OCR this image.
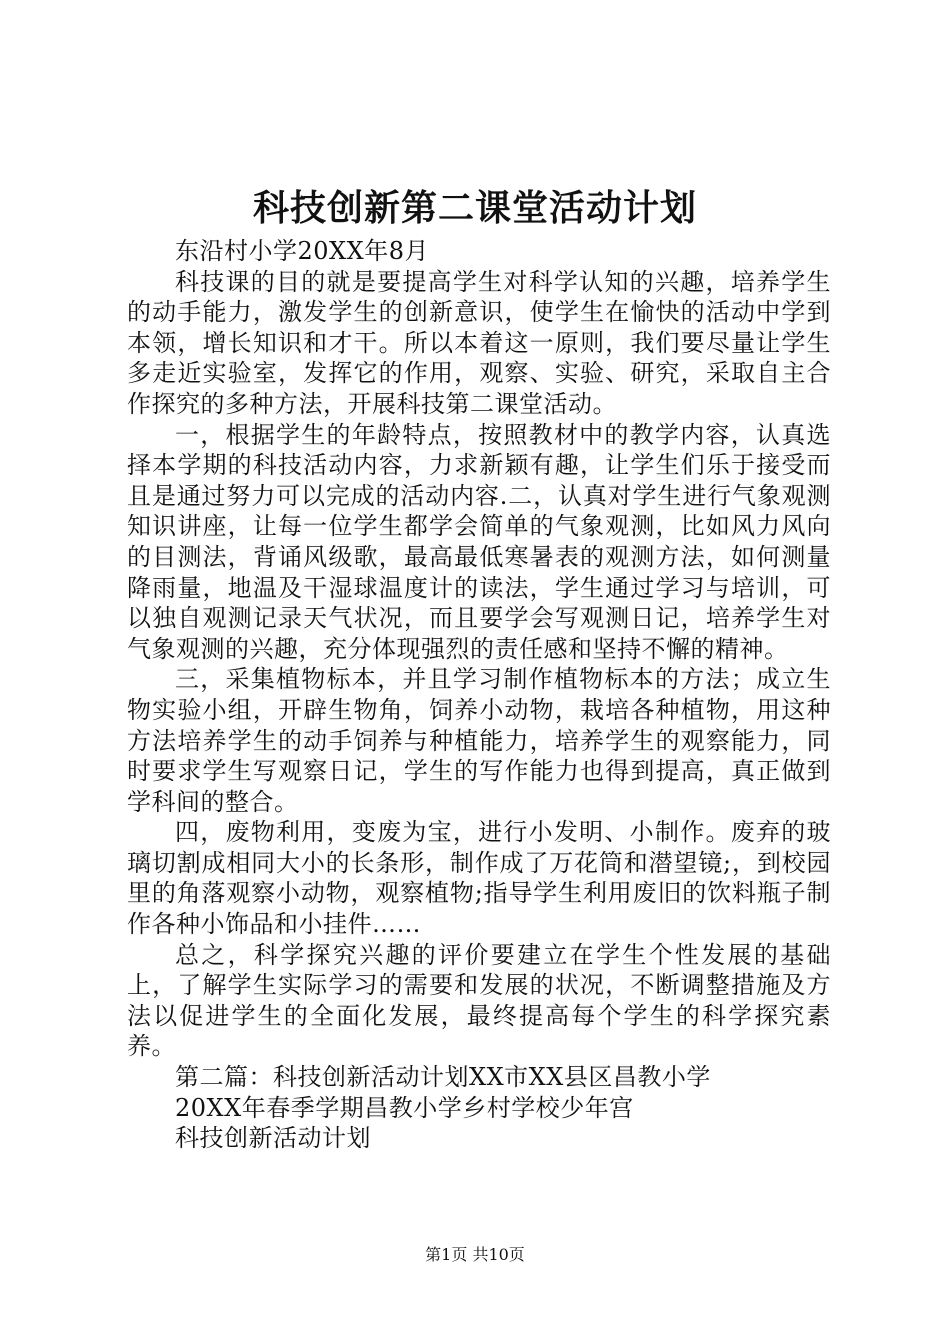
科技创新第二课堂活动计划

东沿村小学20XX年8月

科技课的目的就是要提高学生对科学认知的兴趣，培养学生的动手能力，激发学生的创新意识，使学生在愉快的活动中学到本领，增长知识和才干。所以本着这一原则，我们要尽量让学生多走近实验室，发挥它的作用，观察、实验、研究，采取自主合作探究的多种方法，开展科技第二课堂活动。

一，根据学生的年龄特点，按照教材中的教学内容，认真选择本学期的科技活动内容，力求新颖有趣，让学生们乐于接受而且是通过努力可以完成的活动内容.二，认真对学生进行气象观测知识讲座，让每一位学生都学会简单的气象观测，比如风力风向的目测法，背诵风级歌，最高最低寒暑表的观测方法，如何测量降雨量，地温及干湿球温度计的读法，学生通过学习与培训，可以独自观测记录天气状况，而且要学会写观测日记，培养学生对气象观测的兴趣，充分体现强烈的责任感和坚持不懈的精神。

三，采集植物标本，并且学习制作植物标本的方法；成立生物实验小组，开辟生物角，饲养小动物，栽培各种植物，用这种方法培养学生的动手饲养与种植能力，培养学生的观察能力，同时要求学生写观察日记，学生的写作能力也得到提高，真正做到学科间的整合。

四，废物利用，变废为宝，进行小发明、小制作。废弃的玻璃切割成相同大小的长条形，制作成了万花筒和潜望镜;，到校园里的角落观察小动物，观察植物;指导学生利用废旧的饮料瓶子制作各种小饰品和小挂件……

总之，科学探究兴趣的评价要建立在学生个性发展的基础上，了解学生实际学习的需要和发展的状况，不断调整措施及方法以促进学生的全面化发展，最终提高每个学生的科学探究素养。

第二篇：科技创新活动计划XX市XX县区昌教小学

20XX年春季学期昌教小学乡村学校少年宫

科技创新活动计划

第1页 共10页
